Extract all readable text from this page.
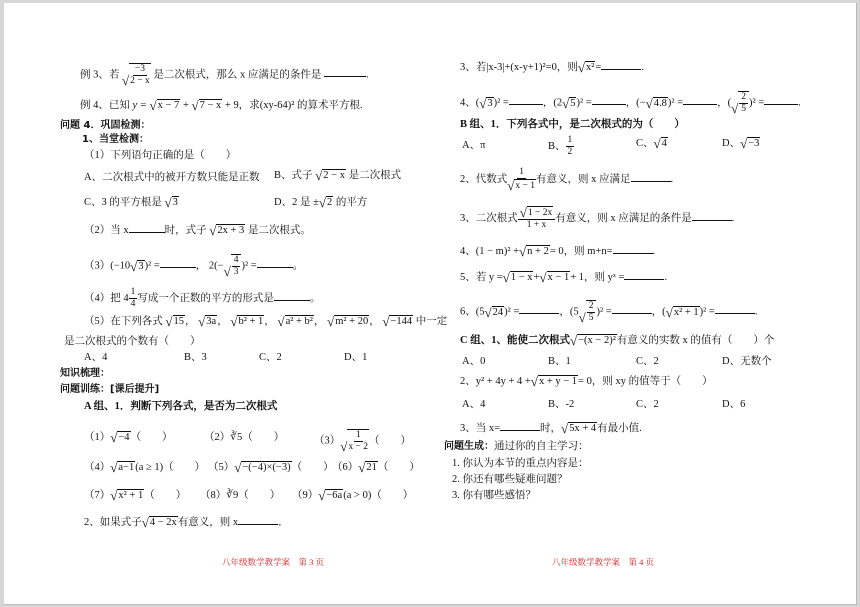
例 3、若 √ $\frac{-3}{2 - x}$ 是二次根式，那么 x 应满足的条件是	.
例 4、已知 y = √ x − 7 + √ 7 − x + 9，求(xy-64)² 的算术平方根.
问题 4．巩固检测：
1、当堂检测：
（1）下列语句正确的是（　　）
A、二次根式中的被开方数只能是正数 B、式子 √ 2 − x 是二次根式
C、3 的平方根是 √ 3	D、2 是 ± √ 2 的平方
（2）当 x	时，式子 √ 2x + 3 是二次根式。
（3）(−10 √ 3 )² =	， 2(− √ $\frac{4}{3} )^2$ =	。
（4）把 $4 \frac{1}{4}$ 写成一个正数的平方的形式是	。
（5）在下列各式 √ 15 ， √ 3a ， √ b² + 1 ， √ a² + b² ， √ m² + 20 ， √ −144 中一定
是二次根式的个数有（　　）
A、4	B、3	C、2	D、1
知识梳理：
问题训练：[课后提升]
A 组、1．判断下列各式，是否为二次根式
（1） √ −4 （　　）	（2）∛5（　　）	（3） √ $\frac{1}{x - 2}$ （　　）
（4） √ a−1 (a ≥ 1)（　　） （5） √ −(−4)×(−3) （　　）
（6） √ 21 （　　）
（7） √ x² + 1 （　　） （8）∛9（　　） （9） √ −6a (a > 0)（　　）
2、如果式子 √ 4 − 2x 有意义，则 x	．
八年级数学教学案　第 3 页
3、若|x-3|+(x-y+1)²=0，则 √ x² =	.
4、( √ 3 )² =	，(2 √ 5 )² =	，(− √ 4.8 )² =	，( √ $\frac{2}{5} )^2$ =	.
B 组、1．下列各式中，是二次根式的为（　　）
A、π	B、 $\frac{1}{2}$	C、 √ 4	D、 √ −3
2、代数式 $\frac{1}{√ x - 1}$ 有意义，则 x 应满足	.
3、二次根式 $\frac{√ 1 - 2x}{1 + x}$ 有意义，则 x 应满足的条件是	.
4、(1 − m)² + √ n + 2 = 0，则 m+n=	.
5、若 y = √ 1 − x + √ x − 1 + 1，则 yˣ =	.
6、(5 √ 24 )² =	，(5 √ $\frac{2}{5} )^2$ =	，( √ x² + 1 )² =	.
C 组、1、能使二次根式 √ −(x − 2)² 有意义的实数 x 的值有（　　）个
A、0	B、1	C、2	D、无数个
2、y² + 4y + 4 + √ x + y − 1 = 0，则 xy 的值等于（　　）
A、4	B、-2	C、2	D、6
3、当 x=	时， √ 5x + 4 有最小值.
问题生成：通过你的自主学习：
1. 你认为本节的重点内容是：
2. 你还有哪些疑难问题？
3. 你有哪些感悟？
八年级数学教学案　第 4 页
